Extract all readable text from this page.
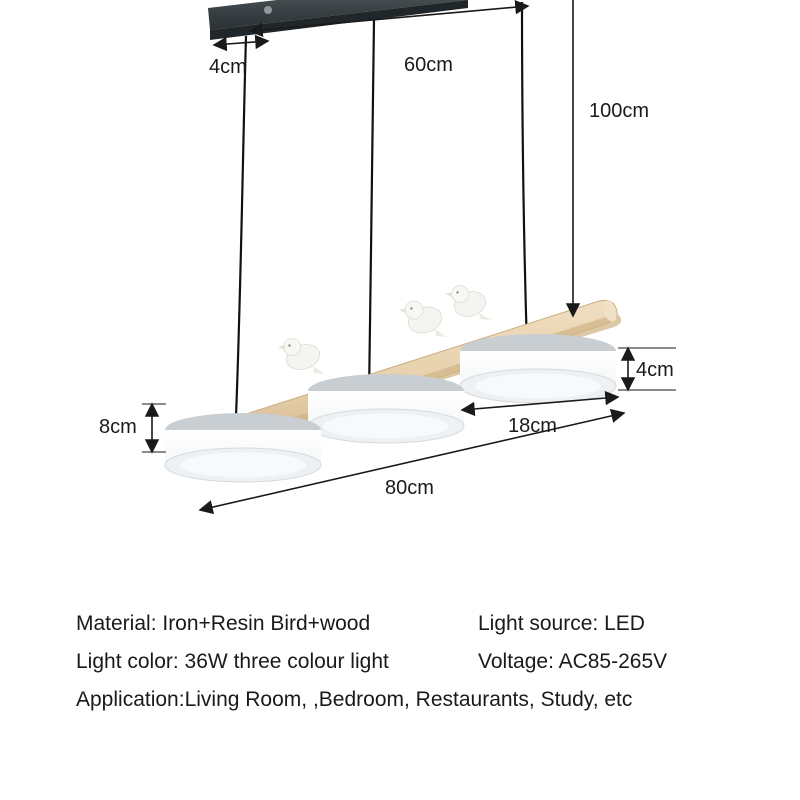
4cm	60cm
100cm
4cm
8cm	18cm
80cm
Material: Iron+Resin Bird+wood	Light source: LED
Light color: 36W three colour light	Voltage: AC85-265V
Application:Living Room, ,Bedroom, Restaurants, Study, etc
